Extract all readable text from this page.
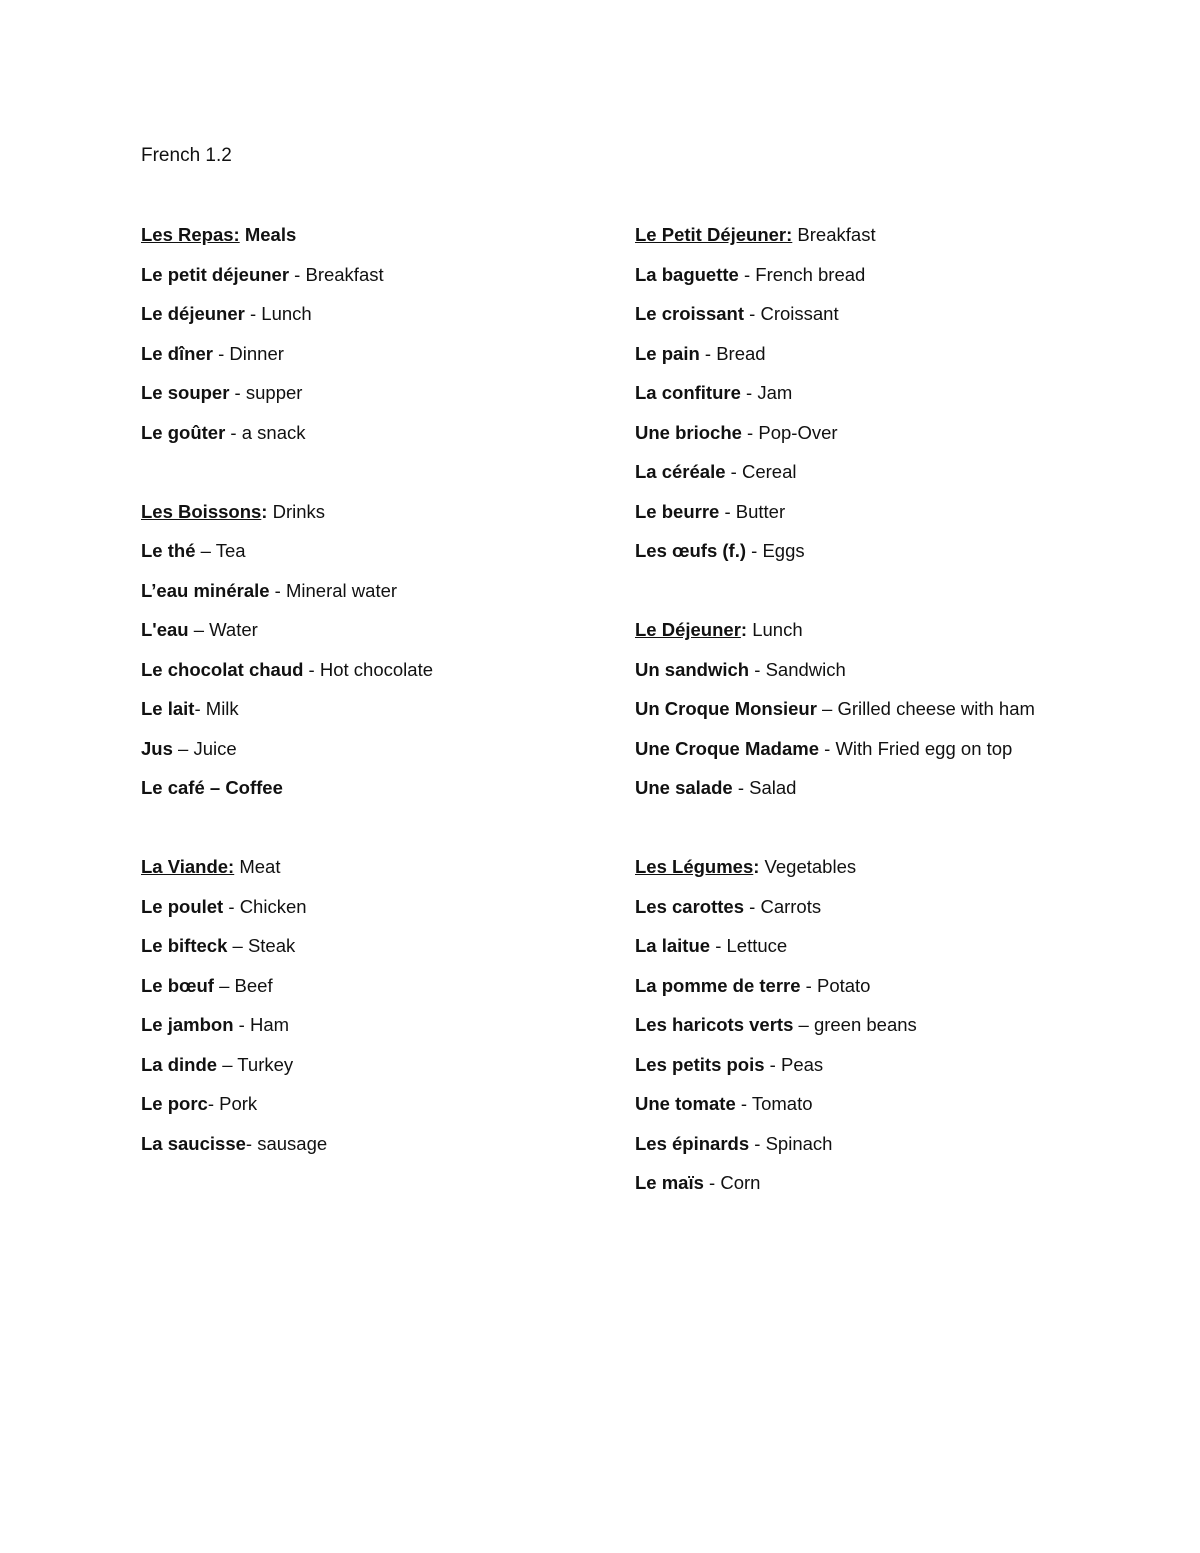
French 1.2
Les Repas: Meals
Le petit déjeuner - Breakfast
Le déjeuner - Lunch
Le dîner - Dinner
Le souper - supper
Le goûter - a snack
Les Boissons: Drinks
Le thé – Tea
L’eau minérale - Mineral water
L'eau – Water
Le chocolat chaud - Hot chocolate
Le lait- Milk
Jus – Juice
Le café – Coffee
La Viande: Meat
Le poulet - Chicken
Le bifteck – Steak
Le bœuf – Beef
Le jambon - Ham
La dinde – Turkey
Le porc- Pork
La saucisse- sausage
Le Petit Déjeuner: Breakfast
La baguette - French bread
Le croissant - Croissant
Le pain - Bread
La confiture - Jam
Une brioche - Pop-Over
La céréale - Cereal
Le beurre - Butter
Les œufs (f.) - Eggs
Le Déjeuner: Lunch
Un sandwich - Sandwich
Un Croque Monsieur – Grilled cheese with ham
Une Croque Madame - With Fried egg on top
Une salade - Salad
Les Légumes: Vegetables
Les carottes - Carrots
La laitue - Lettuce
La pomme de terre - Potato
Les haricots verts – green beans
Les petits pois - Peas
Une tomate - Tomato
Les épinards - Spinach
Le maïs - Corn
